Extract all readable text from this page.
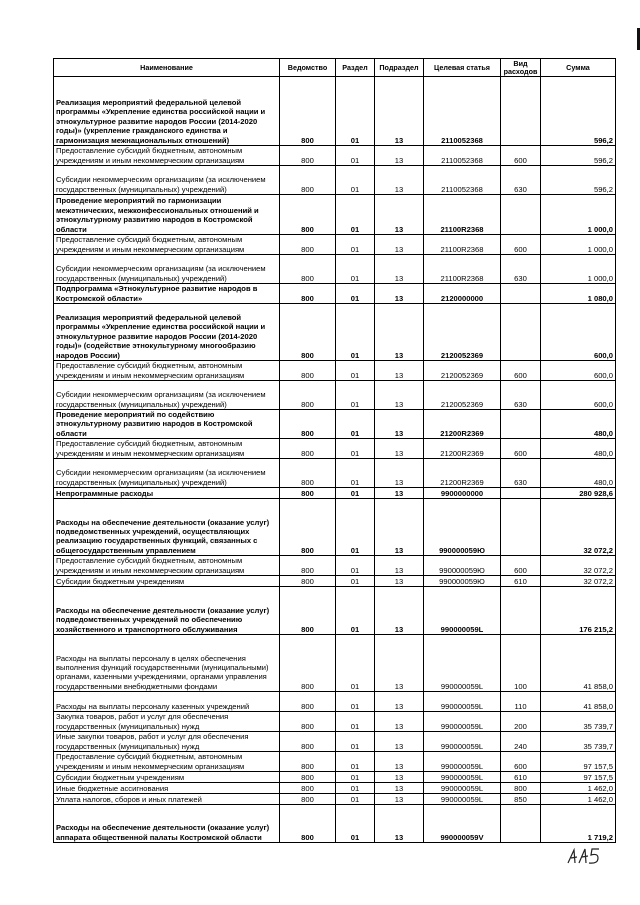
Наименование	Ведомство	Раздел	Подраздел	Целевая статья	Вид расходов	Сумма
Реализация мероприятий федеральной целевой программы «Укрепление единства российской нации и этнокультурное развитие народов России (2014-2020 годы)» (укрепление гражданского единства и гармонизация межнациональных отношений)	800	01	13	2110052368		596,2
Предоставление субсидий бюджетным, автономным учреждениям и иным некоммерческим организациям	800	01	13	2110052368	600	596,2
Субсидии некоммерческим организациям (за исключением государственных (муниципальных) учреждений)	800	01	13	2110052368	630	596,2
Проведение мероприятий по гармонизации межэтнических, межконфессиональных отношений и этнокультурному развитию народов в Костромской области	800	01	13	21100R2368		1 000,0
Предоставление субсидий бюджетным, автономным учреждениям и иным некоммерческим организациям	800	01	13	21100R2368	600	1 000,0
Субсидии некоммерческим организациям (за исключением государственных (муниципальных) учреждений)	800	01	13	21100R2368	630	1 000,0
Подпрограмма «Этнокультурное развитие народов в Костромской области»	800	01	13	2120000000		1 080,0
Реализация мероприятий федеральной целевой программы «Укрепление единства российской нации и этнокультурное развитие народов России (2014-2020 годы)» (содействие этнокультурному многообразию народов России)	800	01	13	2120052369		600,0
Предоставление субсидий бюджетным, автономным учреждениям и иным некоммерческим организациям	800	01	13	2120052369	600	600,0
Субсидии некоммерческим организациям (за исключением государственных (муниципальных) учреждений)	800	01	13	2120052369	630	600,0
Проведение мероприятий по содействию этнокультурному развитию народов в Костромской области	800	01	13	21200R2369		480,0
Предоставление субсидий бюджетным, автономным учреждениям и иным некоммерческим организациям	800	01	13	21200R2369	600	480,0
Субсидии некоммерческим организациям (за исключением государственных (муниципальных) учреждений)	800	01	13	21200R2369	630	480,0
Непрограммные расходы	800	01	13	9900000000		280 928,6
Расходы на обеспечение деятельности (оказание услуг) подведомственных учреждений, осуществляющих реализацию государственных функций, связанных с общегосударственным управлением	800	01	13	990000059Ю		32 072,2
Предоставление субсидий бюджетным, автономным учреждениям и иным некоммерческим организациям	800	01	13	990000059Ю	600	32 072,2
Субсидии бюджетным учреждениям	800	01	13	990000059Ю	610	32 072,2
Расходы на обеспечение деятельности (оказание услуг) подведомственных учреждений по обеспечению хозяйственного и транспортного обслуживания	800	01	13	990000059L		176 215,2
Расходы на выплаты персоналу в целях обеспечения выполнения функций государственными (муниципальными) органами, казенными учреждениями, органами управления государственными внебюджетными фондами	800	01	13	990000059L	100	41 858,0
Расходы на выплаты персоналу казенных учреждений	800	01	13	990000059L	110	41 858,0
Закупка товаров, работ и услуг для обеспечения государственных (муниципальных) нужд	800	01	13	990000059L	200	35 739,7
Иные закупки товаров, работ и услуг для обеспечения государственных (муниципальных) нужд	800	01	13	990000059L	240	35 739,7
Предоставление субсидий бюджетным, автономным учреждениям и иным некоммерческим организациям	800	01	13	990000059L	600	97 157,5
Субсидии бюджетным учреждениям	800	01	13	990000059L	610	97 157,5
Иные бюджетные ассигнования	800	01	13	990000059L	800	1 462,0
Уплата налогов, сборов и иных платежей	800	01	13	990000059L	850	1 462,0
Расходы на обеспечение деятельности (оказание услуг) аппарата общественной палаты Костромской области	800	01	13	990000059V		1 719,2
